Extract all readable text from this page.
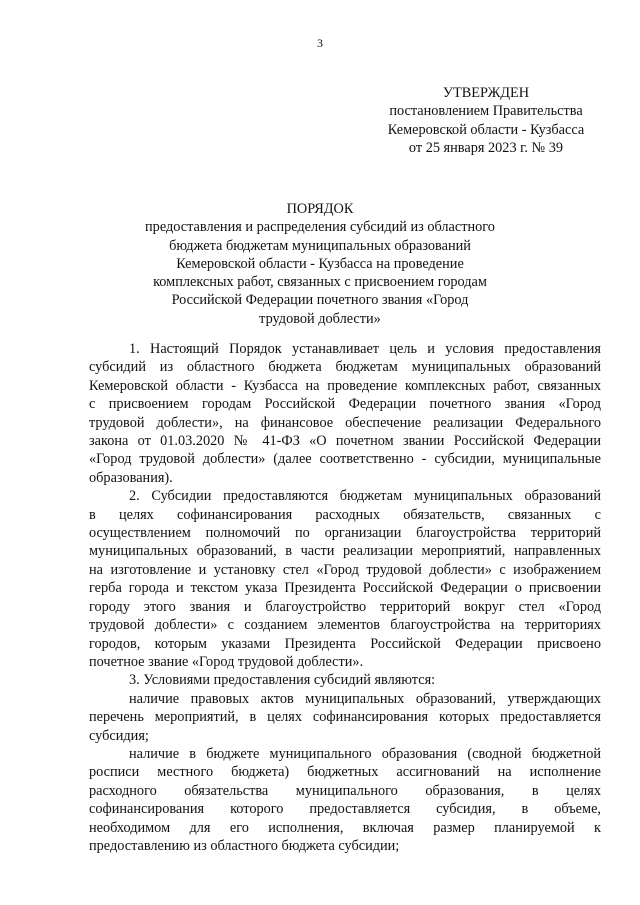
3
УТВЕРЖДЕН
постановлением Правительства
Кемеровской области - Кузбасса
от 25 января 2023 г. № 39
ПОРЯДОК
предоставления и распределения субсидий из областного
бюджета бюджетам муниципальных образований
Кемеровской области - Кузбасса на проведение
комплексных работ, связанных с присвоением городам
Российской Федерации почетного звания «Город
трудовой доблести»
1. Настоящий Порядок устанавливает цель и условия предоставления
субсидий из областного бюджета бюджетам муниципальных образований
Кемеровской области - Кузбасса на проведение комплексных работ, связанных
с присвоением городам Российской Федерации почетного звания «Город
трудовой доблести», на финансовое обеспечение реализации Федерального
закона от 01.03.2020 № 41-ФЗ «О почетном звании Российской Федерации
«Город трудовой доблести» (далее соответственно - субсидии, муниципальные
образования).
2. Субсидии предоставляются бюджетам муниципальных образований
в целях софинансирования расходных обязательств, связанных с
осуществлением полномочий по организации благоустройства территорий
муниципальных образований, в части реализации мероприятий, направленных
на изготовление и установку стел «Город трудовой доблести» с изображением
герба города и текстом указа Президента Российской Федерации о присвоении
городу этого звания и благоустройство территорий вокруг стел «Город
трудовой доблести» с созданием элементов благоустройства на территориях
городов, которым указами Президента Российской Федерации присвоено
почетное звание «Город трудовой доблести».
3. Условиями предоставления субсидий являются:
наличие правовых актов муниципальных образований, утверждающих
перечень мероприятий, в целях софинансирования которых предоставляется
субсидия;
наличие в бюджете муниципального образования (сводной бюджетной
росписи местного бюджета) бюджетных ассигнований на исполнение
расходного обязательства муниципального образования, в целях
софинансирования которого предоставляется субсидия, в объеме,
необходимом для его исполнения, включая размер планируемой к
предоставлению из областного бюджета субсидии;
